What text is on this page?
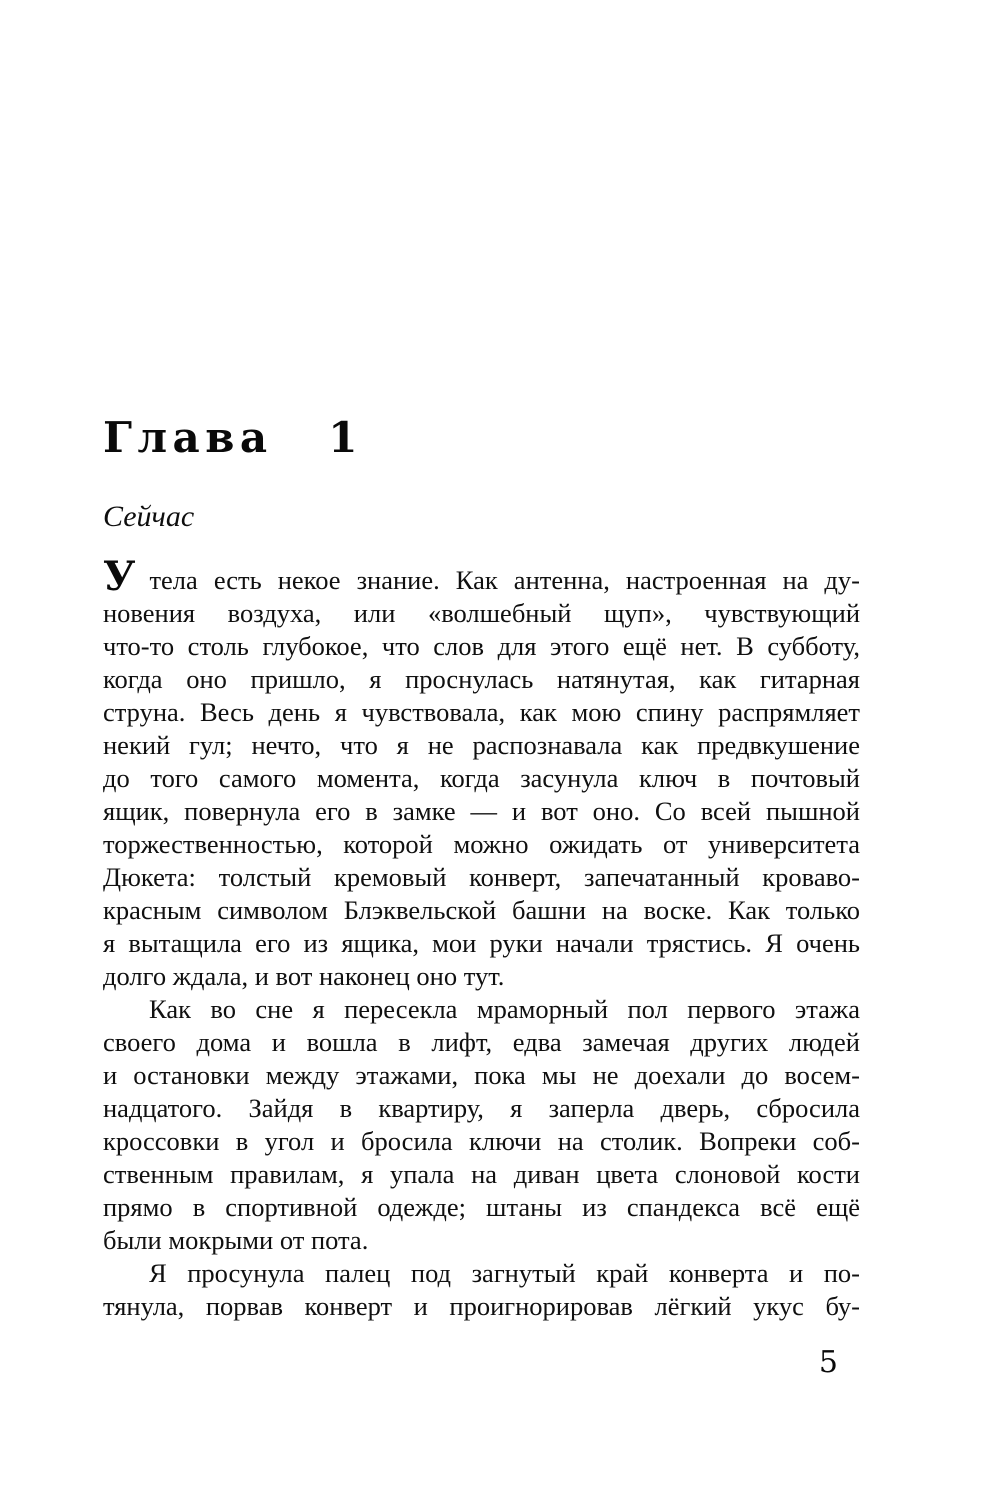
Глава 1
Сейчас
Утела есть некое знание. Как антенна, настроенная на ду-
новения воздуха, или «волшебный щуп», чувствующий
что-то столь глубокое, что слов для этого ещё нет. В субботу,
когда оно пришло, я проснулась натянутая, как гитарная
струна. Весь день я чувствовала, как мою спину распрямляет
некий гул; нечто, что я не распознавала как предвкушение
до того самого момента, когда засунула ключ в почтовый
ящик, повернула его в замке — и вот оно. Со всей пышной
торжественностью, которой можно ожидать от университета
Дюкета: толстый кремовый конверт, запечатанный кроваво-
красным символом Блэквельской башни на воске. Как только
я вытащила его из ящика, мои руки начали трястись. Я очень
долго ждала, и вот наконец оно тут.
Как во сне я пересекла мраморный пол первого этажа
своего дома и вошла в лифт, едва замечая других людей
и остановки между этажами, пока мы не доехали до восем-
надцатого. Зайдя в квартиру, я заперла дверь, сбросила
кроссовки в угол и бросила ключи на столик. Вопреки соб-
ственным правилам, я упала на диван цвета слоновой кости
прямо в спортивной одежде; штаны из спандекса всё ещё
были мокрыми от пота.
Я просунула палец под загнутый край конверта и по-
тянула, порвав конверт и проигнорировав лёгкий укус бу-
5
